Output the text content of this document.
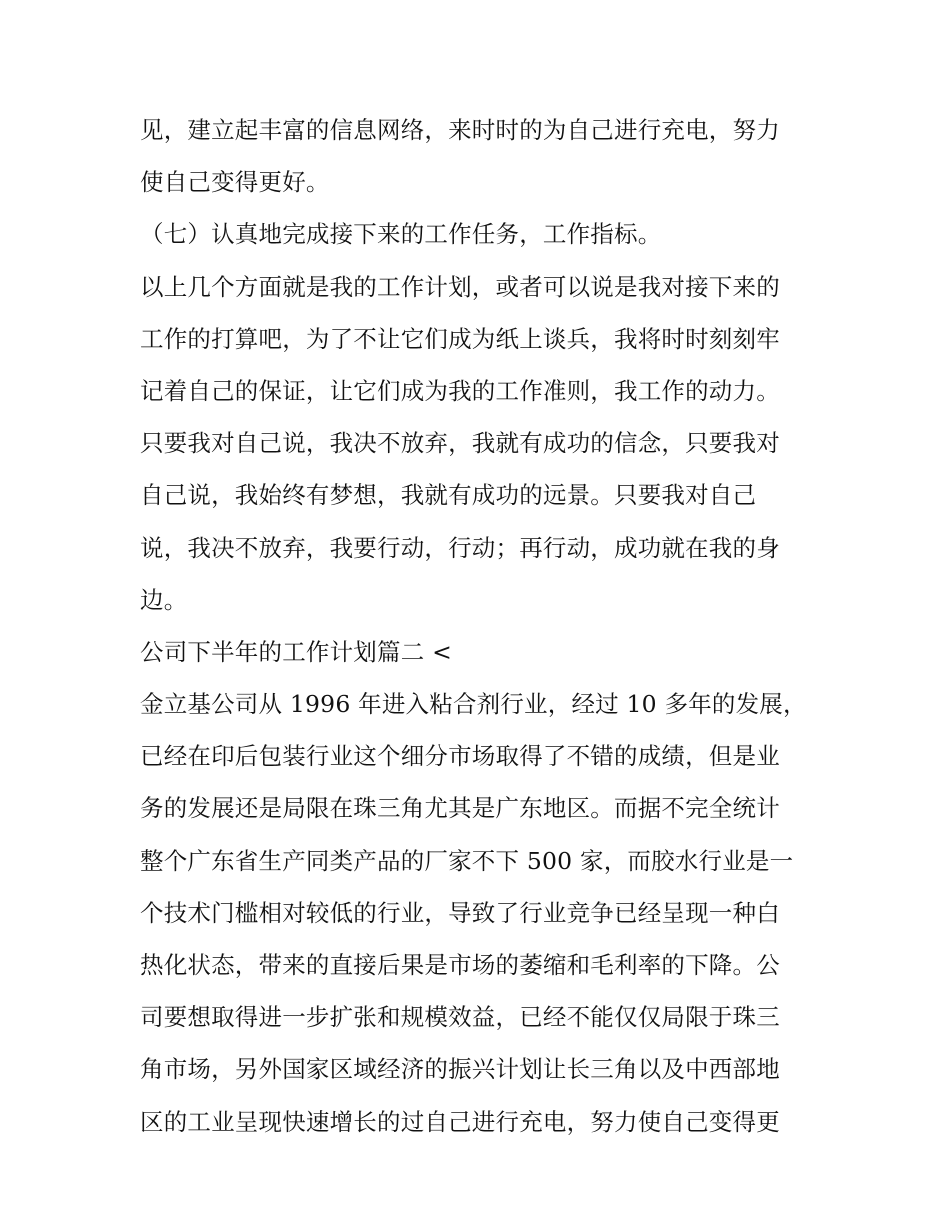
见，建立起丰富的信息网络，来时时的为自己进行充电，努力
使自己变得更好。
（七）认真地完成接下来的工作任务，工作指标。
以上几个方面就是我的工作计划，或者可以说是我对接下来的
工作的打算吧，为了不让它们成为纸上谈兵，我将时时刻刻牢
记着自己的保证，让它们成为我的工作准则，我工作的动力。
只要我对自己说，我决不放弃，我就有成功的信念，只要我对
自己说，我始终有梦想，我就有成功的远景。只要我对自己
说，我决不放弃，我要行动，行动；再行动，成功就在我的身
边。
公司下半年的工作计划篇二 <
金立基公司从 1996 年进入粘合剂行业，经过 10 多年的发展，
已经在印后包装行业这个细分市场取得了不错的成绩，但是业
务的发展还是局限在珠三角尤其是广东地区。而据不完全统计
整个广东省生产同类产品的厂家不下 500 家，而胶水行业是一
个技术门槛相对较低的行业，导致了行业竞争已经呈现一种白
热化状态，带来的直接后果是市场的萎缩和毛利率的下降。公
司要想取得进一步扩张和规模效益，已经不能仅仅局限于珠三
角市场，另外国家区域经济的振兴计划让长三角以及中西部地
区的工业呈现快速增长的过自己进行充电，努力使自己变得更
